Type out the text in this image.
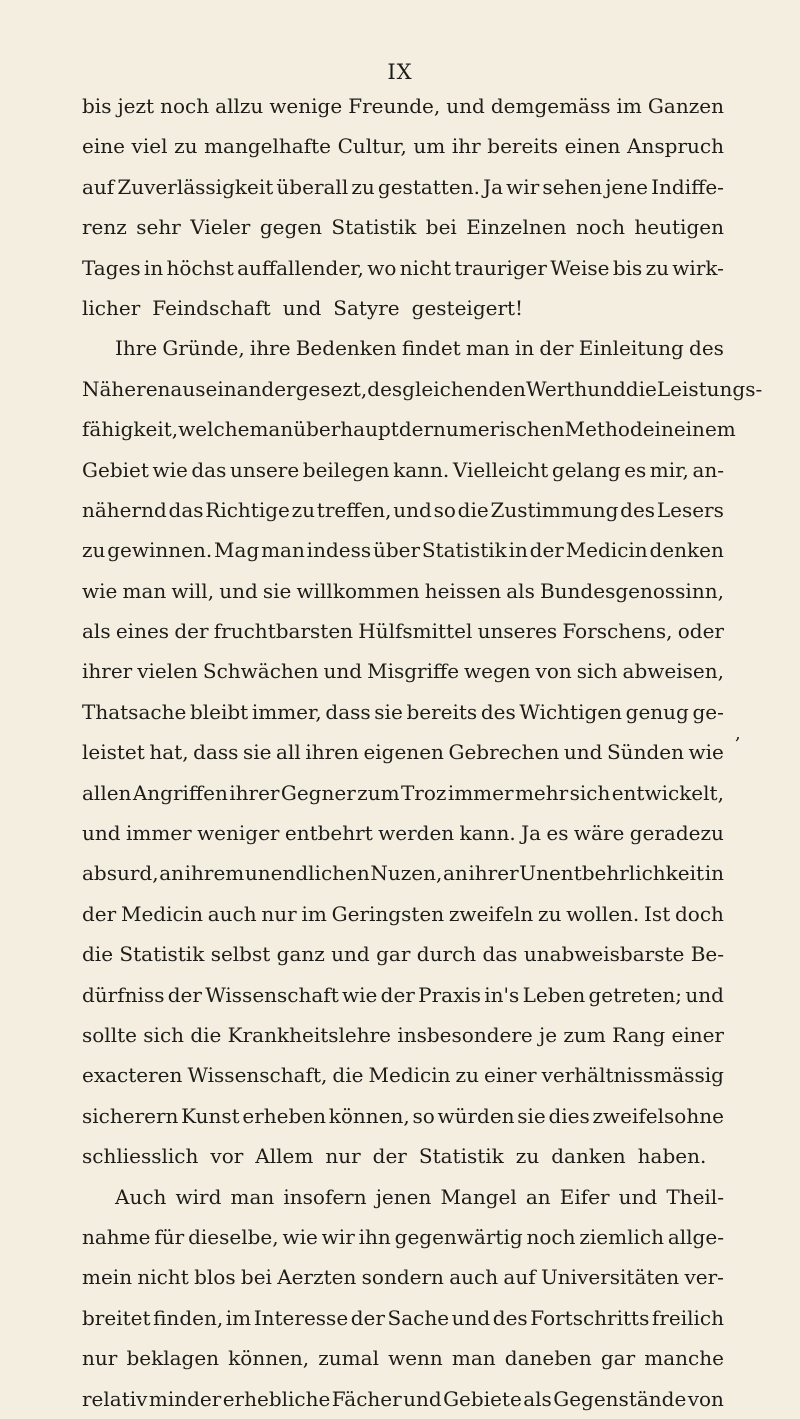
IX
bis jezt noch allzu wenige Freunde, und demgemäss im Ganzen
eine viel zu mangelhafte Cultur, um ihr bereits einen Anspruch
auf Zuverlässigkeit überall zu gestatten. Ja wir sehen jene Indiffe-
renz sehr Vieler gegen Statistik bei Einzelnen noch heutigen
Tages in höchst auffallender, wo nicht trauriger Weise bis zu wirk-
licher Feindschaft und Satyre gesteigert!
Ihre Gründe, ihre Bedenken findet man in der Einleitung des
Näheren auseinander gesezt, desgleichen den Werth und die Leistungs-
fähigkeit, welche man überhaupt der numerischen Methode in einem
Gebiet wie das unsere beilegen kann. Vielleicht gelang es mir, an-
nähernd das Richtige zu treffen, und so die Zustimmung des Lesers
zu gewinnen. Mag man indess über Statistik in der Medicin denken
wie man will, und sie willkommen heissen als Bundesgenossinn,
als eines der fruchtbarsten Hülfsmittel unseres Forschens, oder
ihrer vielen Schwächen und Misgriffe wegen von sich abweisen,
Thatsache bleibt immer, dass sie bereits des Wichtigen genug ge-
leistet hat, dass sie all ihren eigenen Gebrechen und Sünden wie
allen Angriffen ihrer Gegner zum Troz immer mehr sich entwickelt,
und immer weniger entbehrt werden kann. Ja es wäre geradezu
absurd, an ihrem unendlichen Nuzen, an ihrer Unentbehrlichkeit in
der Medicin auch nur im Geringsten zweifeln zu wollen. Ist doch
die Statistik selbst ganz und gar durch das unabweisbarste Be-
dürfniss der Wissenschaft wie der Praxis in's Leben getreten; und
sollte sich die Krankheitslehre insbesondere je zum Rang einer
exacteren Wissenschaft, die Medicin zu einer verhältnissmässig
sicherern Kunst erheben können, so würden sie dies zweifelsohne
schliesslich vor Allem nur der Statistik zu danken haben.
Auch wird man insofern jenen Mangel an Eifer und Theil-
nahme für dieselbe, wie wir ihn gegenwärtig noch ziemlich allge-
mein nicht blos bei Aerzten sondern auch auf Universitäten ver-
breitet finden, im Interesse der Sache und des Fortschritts freilich
nur beklagen können, zumal wenn man daneben gar manche
relativ minder erhebliche Fächer und Gebiete als Gegenstände von
,
